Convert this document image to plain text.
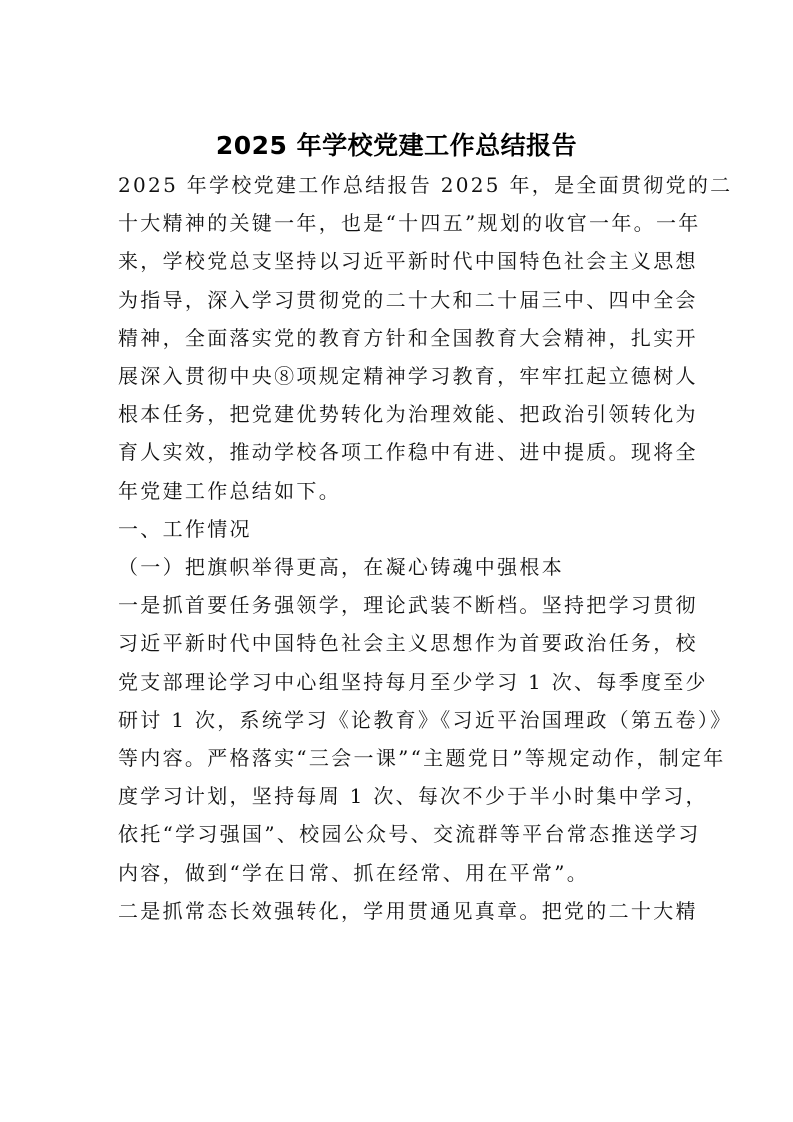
2025 年学校党建工作总结报告

2025 年学校党建工作总结报告 2025 年，是全面贯彻党的二

十大精神的关键一年，也是“十四五”规划的收官一年。一年

来，学校党总支坚持以习近平新时代中国特色社会主义思想

为指导，深入学习贯彻党的二十大和二十届三中、四中全会

精神，全面落实党的教育方针和全国教育大会精神，扎实开

展深入贯彻中央⑧项规定精神学习教育，牢牢扛起立德树人

根本任务，把党建优势转化为治理效能、把政治引领转化为

育人实效，推动学校各项工作稳中有进、进中提质。现将全

年党建工作总结如下。

一、工作情况

（一）把旗帜举得更高，在凝心铸魂中强根本

一是抓首要任务强领学，理论武装不断档。坚持把学习贯彻

习近平新时代中国特色社会主义思想作为首要政治任务，校

党支部理论学习中心组坚持每月至少学习 1 次、每季度至少

研讨 1 次，系统学习《论教育》《习近平治国理政（第五卷）》

等内容。严格落实“三会一课”“主题党日”等规定动作，制定年

度学习计划，坚持每周 1 次、每次不少于半小时集中学习，

依托“学习强国”、校园公众号、交流群等平台常态推送学习

内容，做到“学在日常、抓在经常、用在平常”。

二是抓常态长效强转化，学用贯通见真章。把党的二十大精
